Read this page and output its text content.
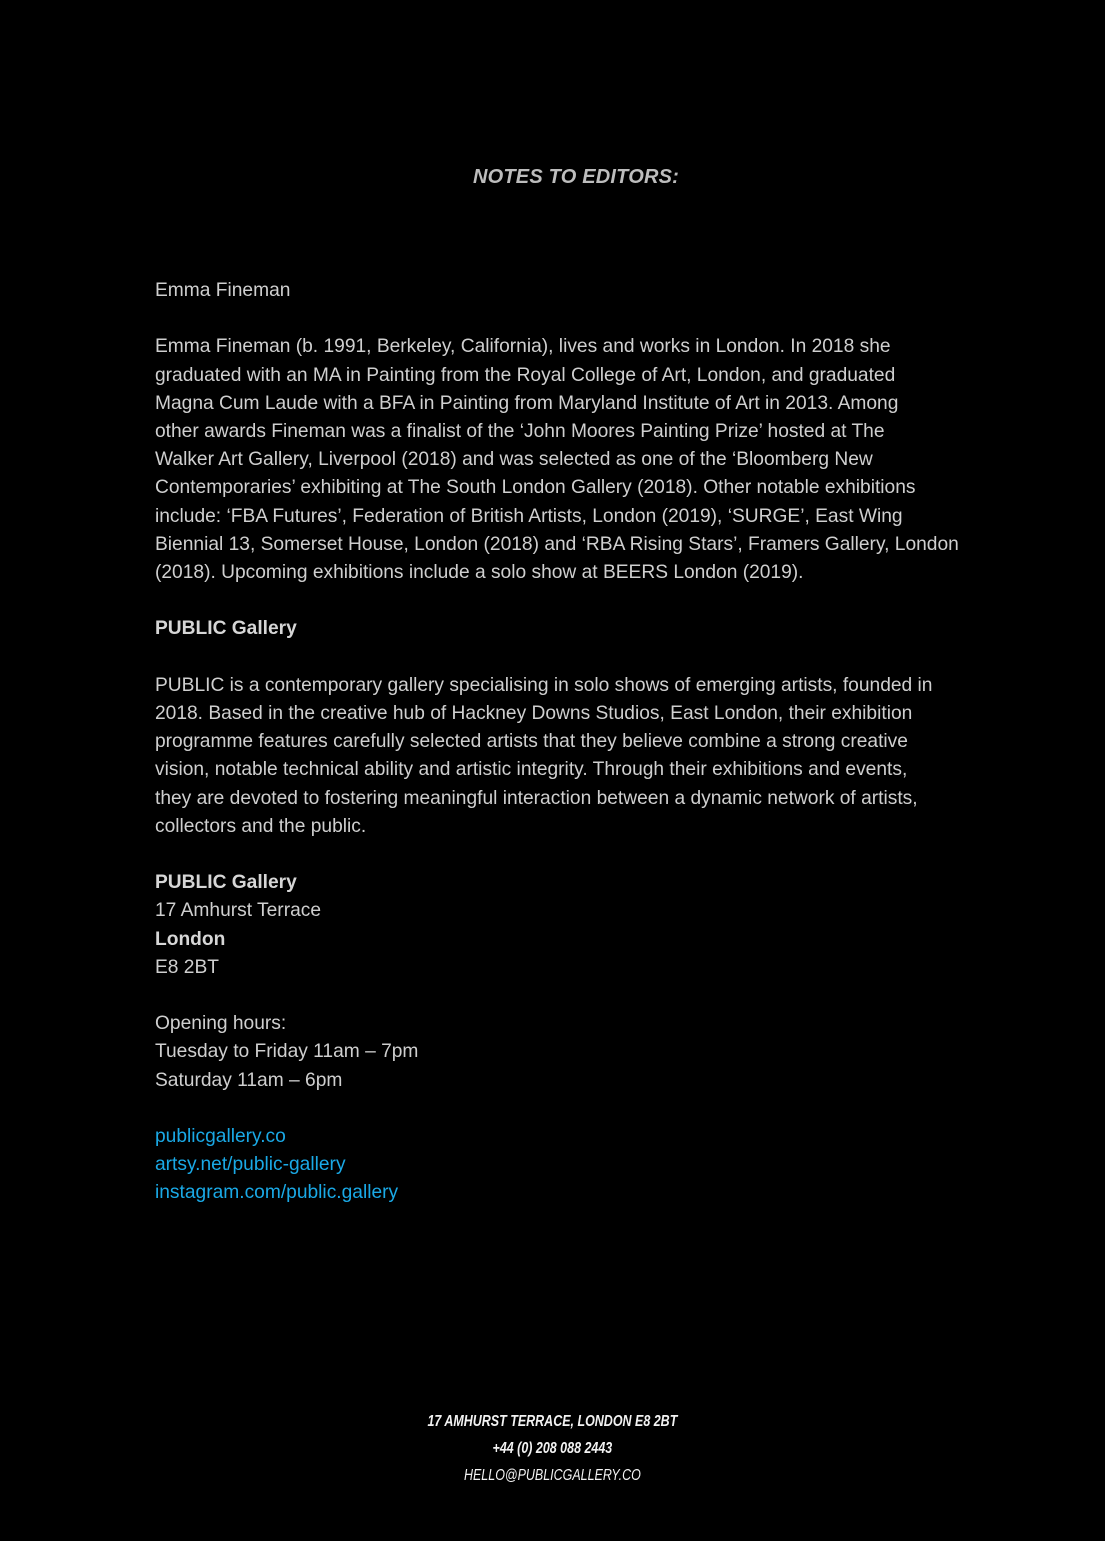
NOTES TO EDITORS:

Emma Fineman

Emma Fineman (b. 1991, Berkeley, California), lives and works in London. In 2018 she
graduated with an MA in Painting from the Royal College of Art, London, and graduated
Magna Cum Laude with a BFA in Painting from Maryland Institute of Art in 2013. Among
other awards Fineman was a finalist of the ‘John Moores Painting Prize’ hosted at The
Walker Art Gallery, Liverpool (2018) and was selected as one of the ‘Bloomberg New
Contemporaries’ exhibiting at The South London Gallery (2018). Other notable exhibitions
include: ‘FBA Futures’, Federation of British Artists, London (2019), ‘SURGE’, East Wing
Biennial 13, Somerset House, London (2018) and ‘RBA Rising Stars’, Framers Gallery, London
(2018). Upcoming exhibitions include a solo show at BEERS London (2019).

PUBLIC Gallery

PUBLIC is a contemporary gallery specialising in solo shows of emerging artists, founded in
2018. Based in the creative hub of Hackney Downs Studios, East London, their exhibition
programme features carefully selected artists that they believe combine a strong creative
vision, notable technical ability and artistic integrity. Through their exhibitions and events,
they are devoted to fostering meaningful interaction between a dynamic network of artists,
collectors and the public.

PUBLIC Gallery
17 Amhurst Terrace
London
E8 2BT

Opening hours:
Tuesday to Friday 11am – 7pm
Saturday 11am – 6pm

publicgallery.co
artsy.net/public-gallery
instagram.com/public.gallery

17 AMHURST TERRACE, LONDON E8 2BT
+44 (0) 208 088 2443
HELLO@PUBLICGALLERY.CO
